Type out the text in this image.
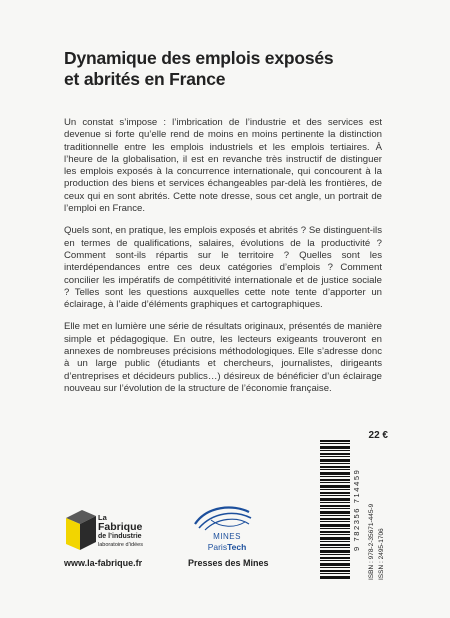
Dynamique des emplois exposés
et abrités en France

Un constat s’impose : l’imbrication de l’industrie et des services est devenue si forte qu’elle rend de moins en moins pertinente la distinction traditionnelle entre les emplois industriels et les emplois tertiaires. À l’heure de la globalisation, il est en revanche très instructif de distinguer les emplois exposés à la concurrence internationale, qui concourent à la production des biens et services échangeables par-delà les frontières, de ceux qui en sont abrités. Cette note dresse, sous cet angle, un portrait de l’emploi en France.

Quels sont, en pratique, les emplois exposés et abrités ? Se distinguent-ils en termes de qualifications, salaires, évolutions de la productivité ? Comment sont-ils répartis sur le territoire ? Quelles sont les interdépendances entre ces deux catégories d’emplois ? Comment concilier les impératifs de compétitivité internationale et de justice sociale ? Telles sont les questions auxquelles cette note tente d’apporter un éclairage, à l’aide d’éléments graphiques et cartographiques.

Elle met en lumière une série de résultats originaux, présentés de manière simple et pédagogique. En outre, les lecteurs exigeants trouveront en annexes de nombreuses précisions méthodologiques. Elle s’adresse donc à un large public (étudiants et chercheurs, journalistes, dirigeants d’entreprises et décideurs publics…) désireux de bénéficier d’un éclairage nouveau sur l’évolution de la structure de l’économie française.

22 €
La
Fabrique
de l’industrie
laboratoire d’idées
www.la-fabrique.fr
MINES
ParisTech
Presses des Mines
9 782356 714459 ISBN : 978-2-35671-445-9 ISSN : 2495-1706
